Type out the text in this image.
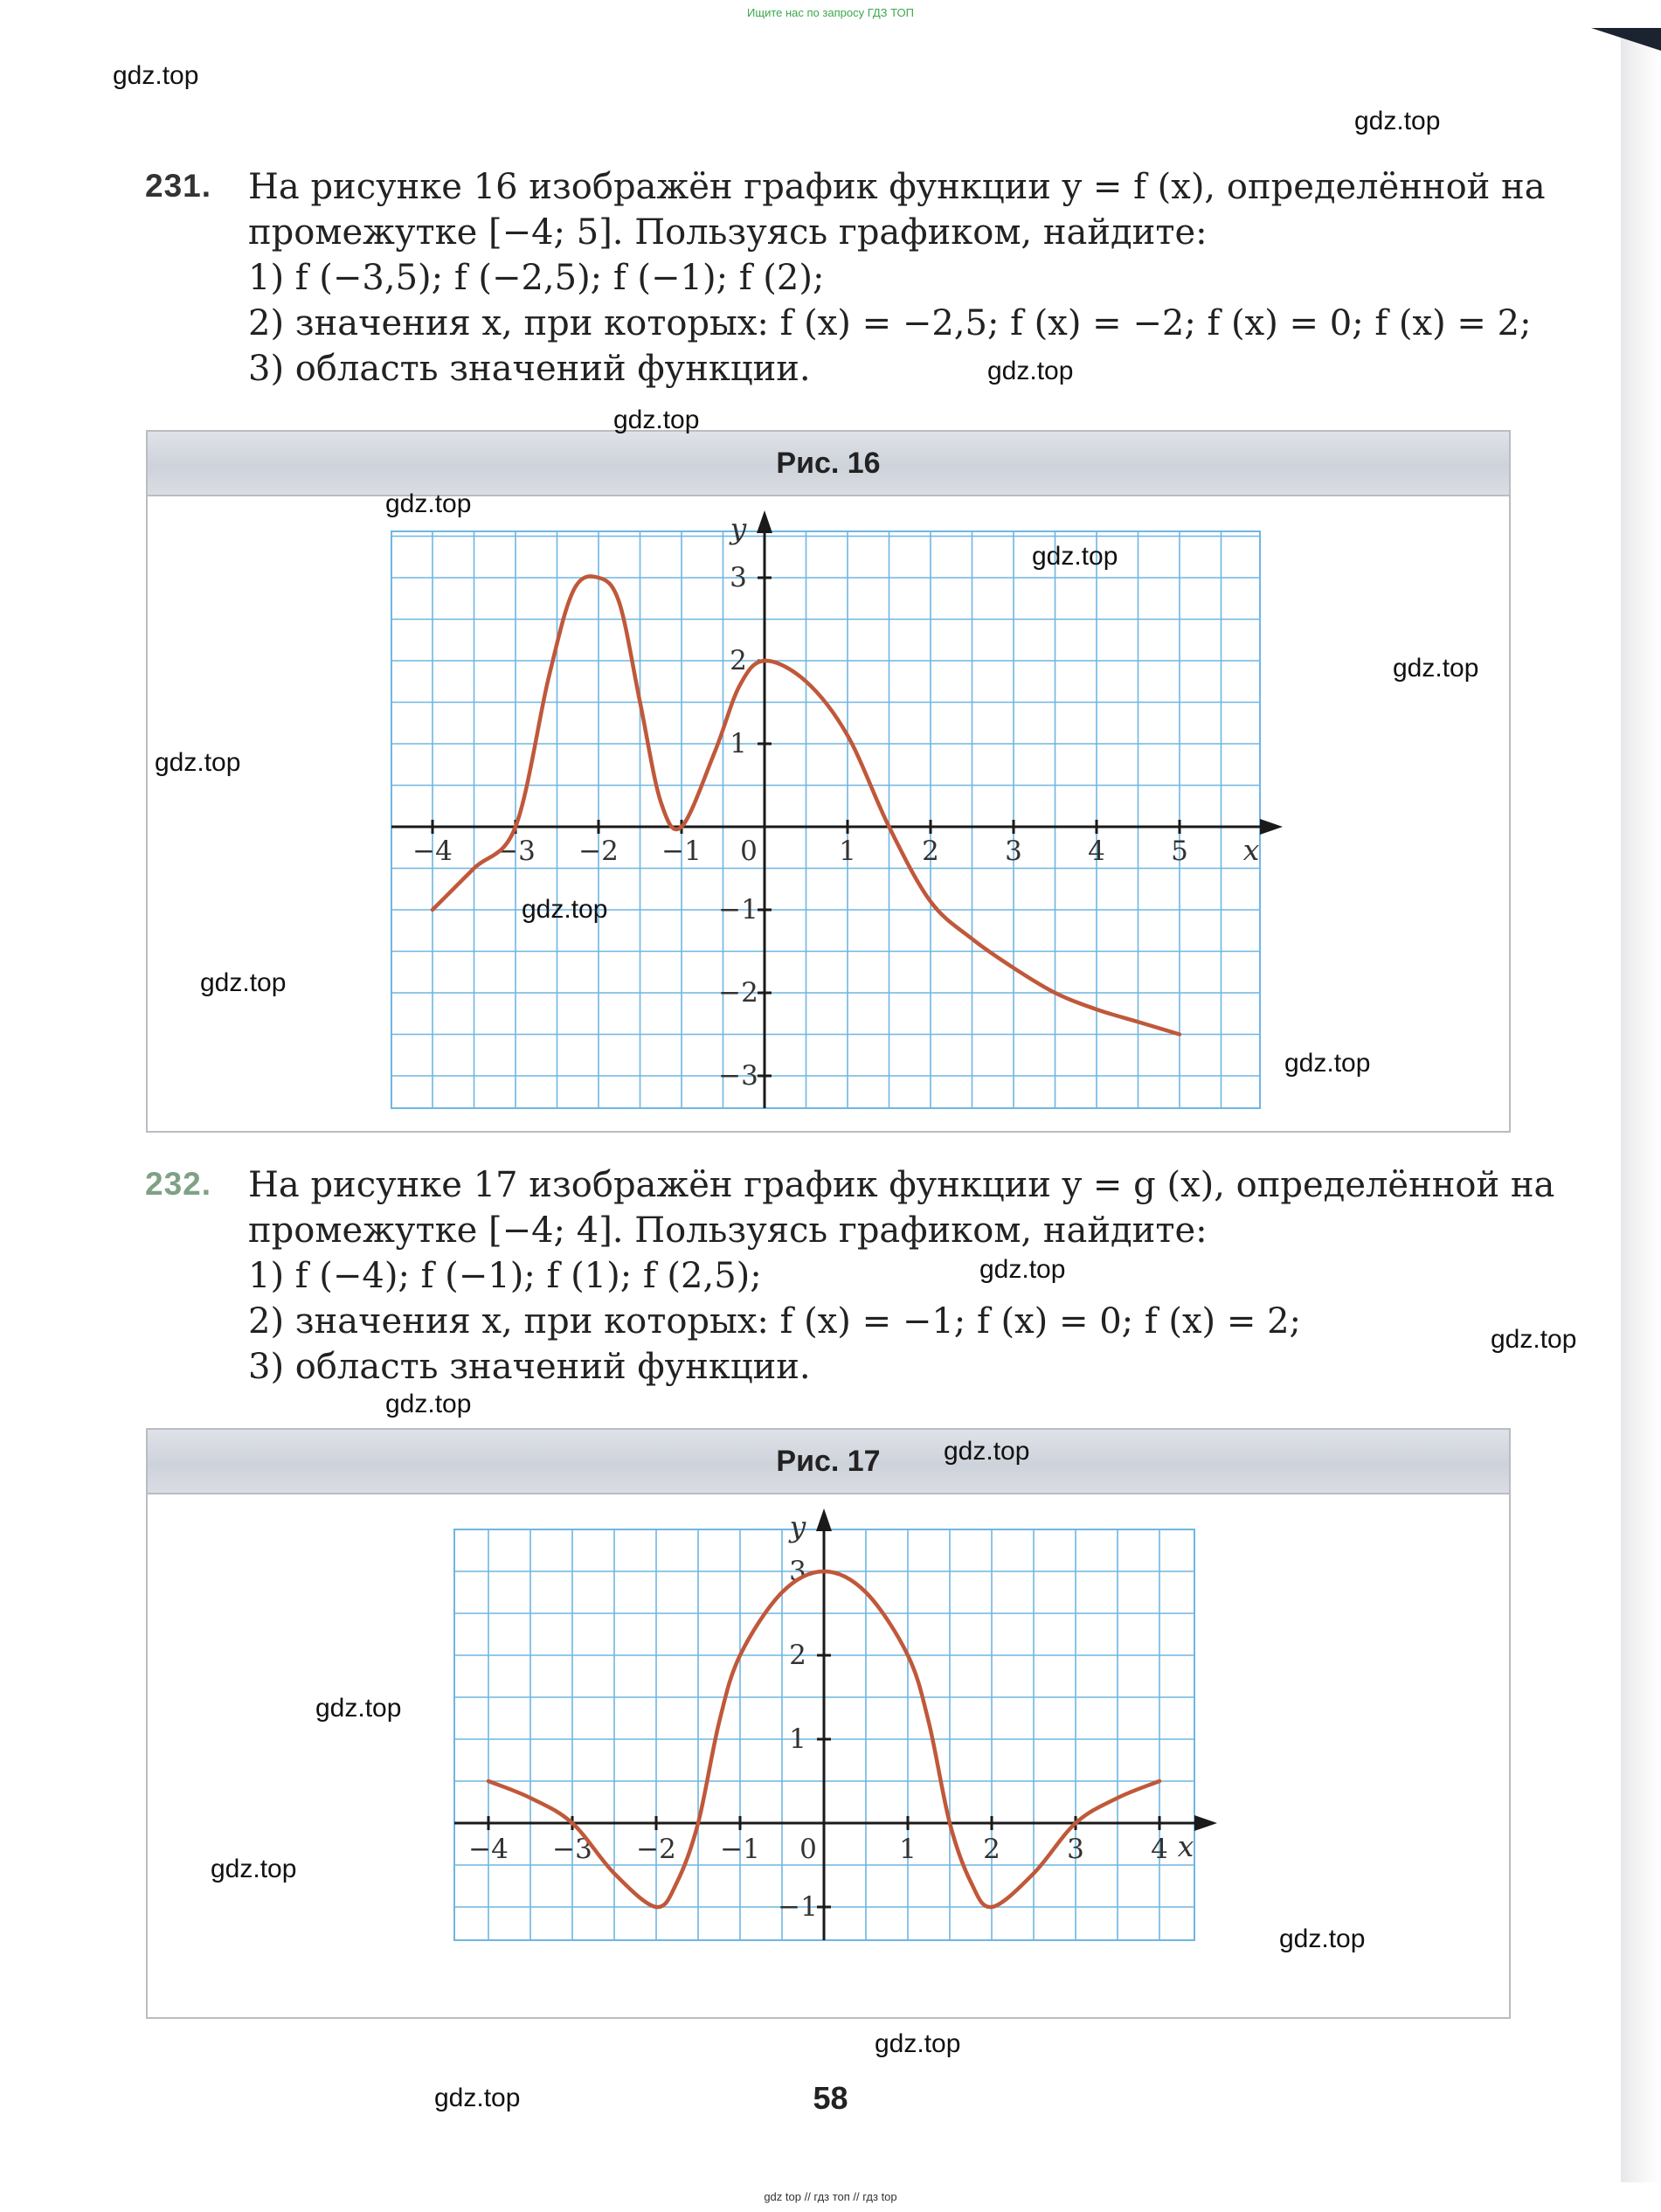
Ищите нас по запросу ГДЗ ТОП
231. На рисунке 16 изображён график функции y = f (x), определённой на
промежутке [−4; 5]. Пользуясь графиком, найдите:
1) f (−3,5); f (−2,5); f (−1); f (2);
2) значения x, при которых: f (x) = −2,5; f (x) = −2; f (x) = 0; f (x) = 2;
3) область значений функции.
Рис. 16
−4 −3 −2 −1 0	1 2 3 4 5
3
2
1
−1
−2
−3
x
y
232. На рисунке 17 изображён график функции y = g (x), определённой на
промежутке [−4; 4]. Пользуясь графиком, найдите:
1) f (−4); f (−1); f (1); f (2,5);
2) значения x, при которых: f (x) = −1; f (x) = 0; f (x) = 2;
3) область значений функции.
Рис. 17
−4 −3 −2 −1 0	1 2 3 4
3
2
1
−1
x
y
58
gdz.top
gdz.top
gdz.top
gdz.top
gdz.top
gdz.top
gdz.top
gdz.top
gdz.top
gdz.top
gdz.top
gdz.top
gdz.top
gdz.top
gdz.top
gdz.top
gdz.top
gdz.top
gdz.top
gdz.top
gdz top // гдз топ // гдз top
